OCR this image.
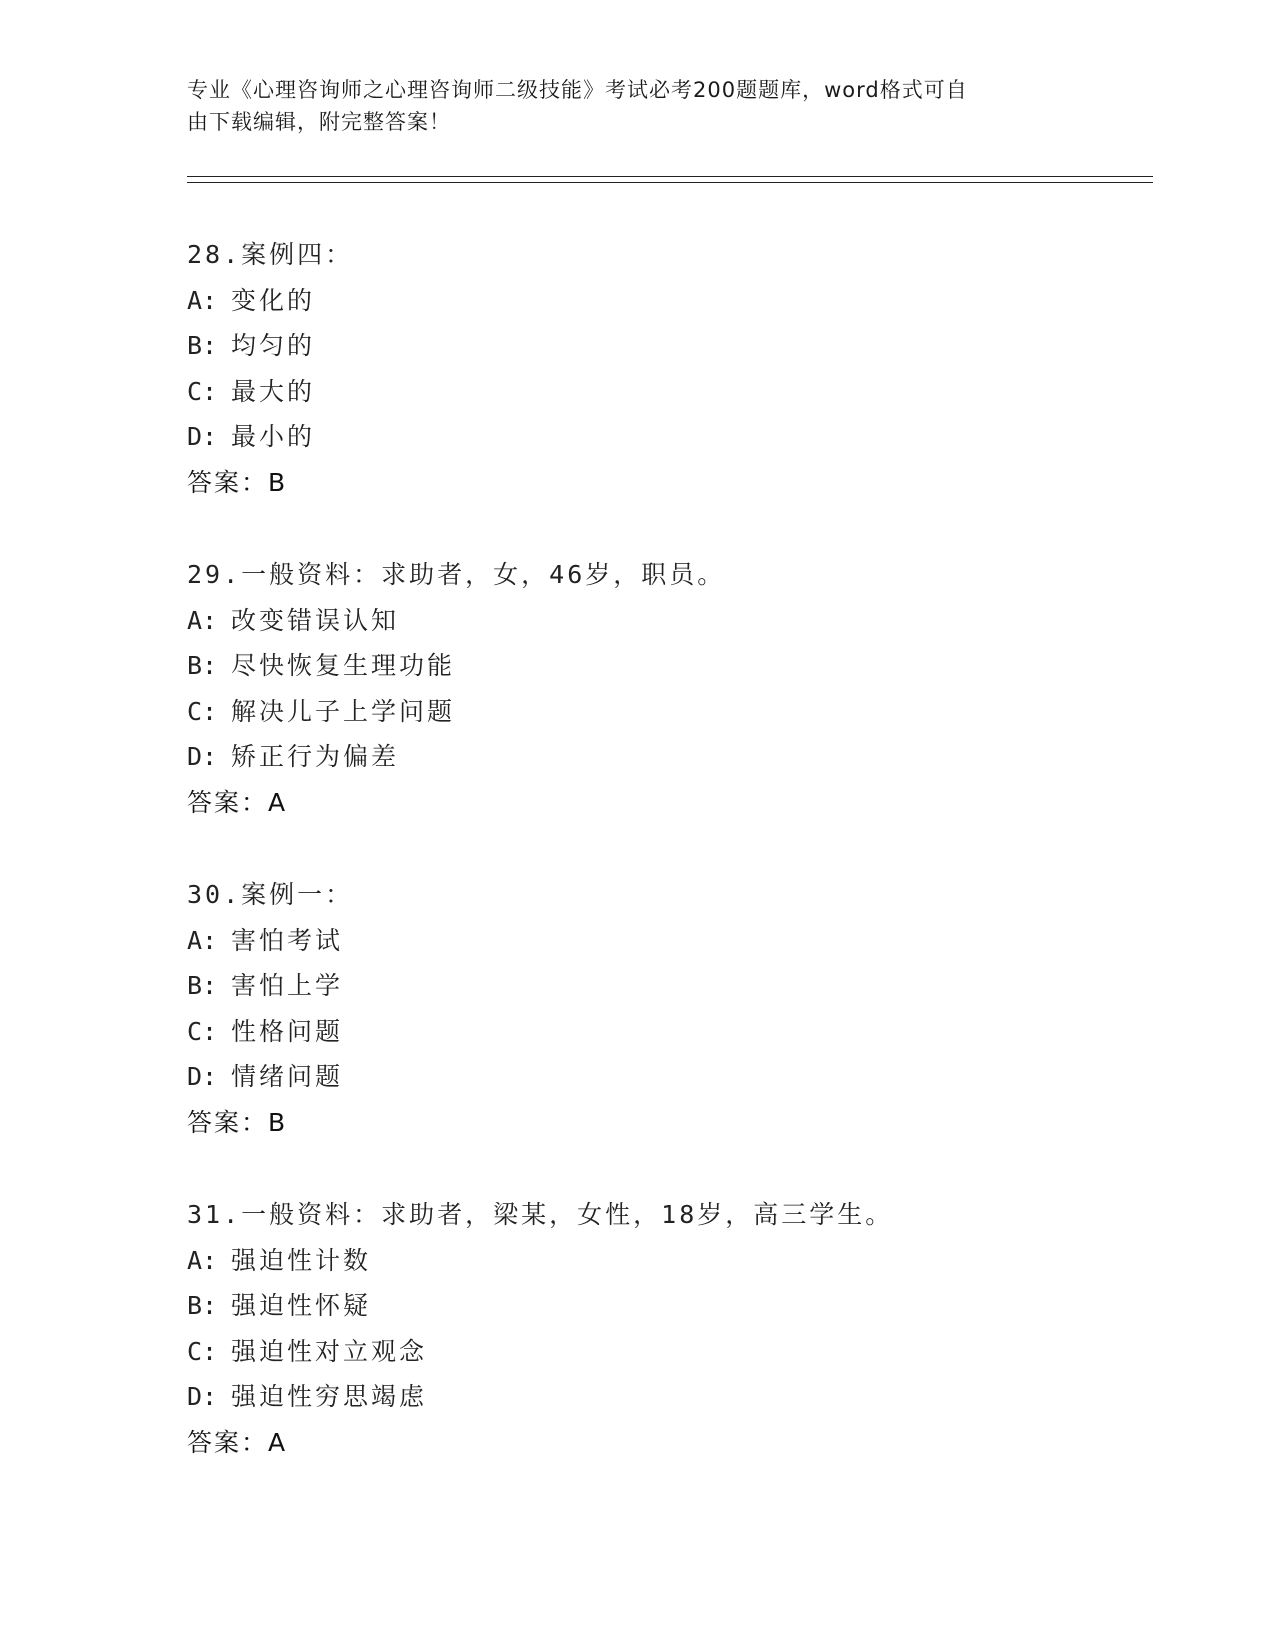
专业《心理咨询师之心理咨询师二级技能》考试必考200题题库，word格式可自
由下载编辑，附完整答案！
28.案例四：
A: 变化的
B: 均匀的
C: 最大的
D: 最小的
答案：B
29.一般资料：求助者，女，46岁，职员。
A: 改变错误认知
B: 尽快恢复生理功能
C: 解决儿子上学问题
D: 矫正行为偏差
答案：A
30.案例一：
A: 害怕考试
B: 害怕上学
C: 性格问题
D: 情绪问题
答案：B
31.一般资料：求助者，梁某，女性，18岁，高三学生。
A: 强迫性计数
B: 强迫性怀疑
C: 强迫性对立观念
D: 强迫性穷思竭虑
答案：A
